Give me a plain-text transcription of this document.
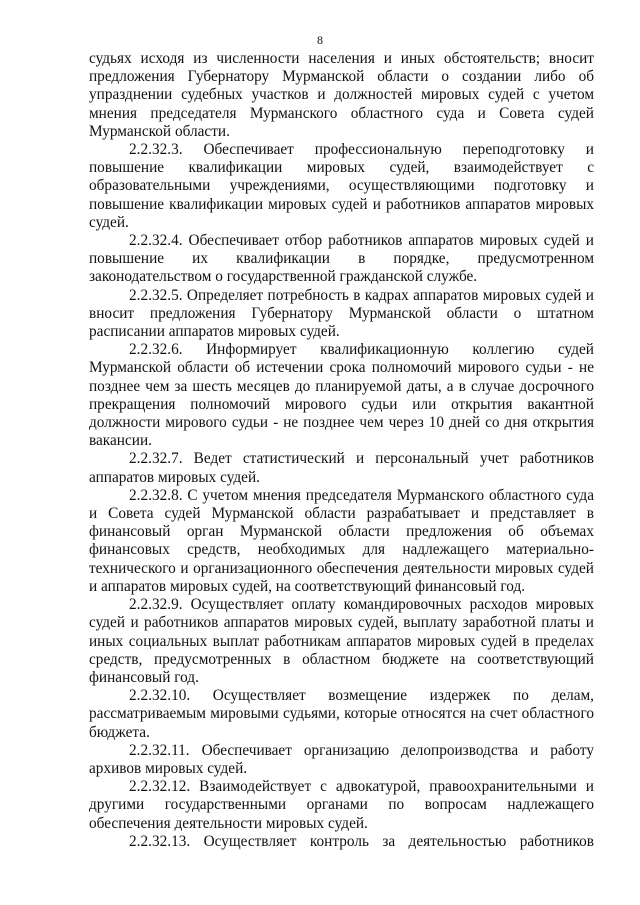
8

судьях исходя из численности населения и иных обстоятельств; вносит предложения Губернатору Мурманской области о создании либо об упразднении судебных участков и должностей мировых судей с учетом мнения председателя Мурманского областного суда и Совета судей Мурманской области.

2.2.32.3. Обеспечивает профессиональную переподготовку и повышение квалификации мировых судей, взаимодействует с образовательными учреждениями, осуществляющими подготовку и повышение квалификации мировых судей и работников аппаратов мировых судей.

2.2.32.4. Обеспечивает отбор работников аппаратов мировых судей и повышение их квалификации в порядке, предусмотренном законодательством о государственной гражданской службе.

2.2.32.5. Определяет потребность в кадрах аппаратов мировых судей и вносит предложения Губернатору Мурманской области о штатном расписании аппаратов мировых судей.

2.2.32.6. Информирует квалификационную коллегию судей Мурманской области об истечении срока полномочий мирового судьи - не позднее чем за шесть месяцев до планируемой даты, а в случае досрочного прекращения полномочий мирового судьи или открытия вакантной должности мирового судьи - не позднее чем через 10 дней со дня открытия вакансии.

2.2.32.7. Ведет статистический и персональный учет работников аппаратов мировых судей.

2.2.32.8. С учетом мнения председателя Мурманского областного суда и Совета судей Мурманской области разрабатывает и представляет в финансовый орган Мурманской области предложения об объемах финансовых средств, необходимых для надлежащего материально-технического и организационного обеспечения деятельности мировых судей и аппаратов мировых судей, на соответствующий финансовый год.

2.2.32.9. Осуществляет оплату командировочных расходов мировых судей и работников аппаратов мировых судей, выплату заработной платы и иных социальных выплат работникам аппаратов мировых судей в пределах средств, предусмотренных в областном бюджете на соответствующий финансовый год.

2.2.32.10. Осуществляет возмещение издержек по делам, рассматриваемым мировыми судьями, которые относятся на счет областного бюджета.

2.2.32.11. Обеспечивает организацию делопроизводства и работу архивов мировых судей.

2.2.32.12. Взаимодействует с адвокатурой, правоохранительными и другими государственными органами по вопросам надлежащего обеспечения деятельности мировых судей.

2.2.32.13. Осуществляет контроль за деятельностью работников
